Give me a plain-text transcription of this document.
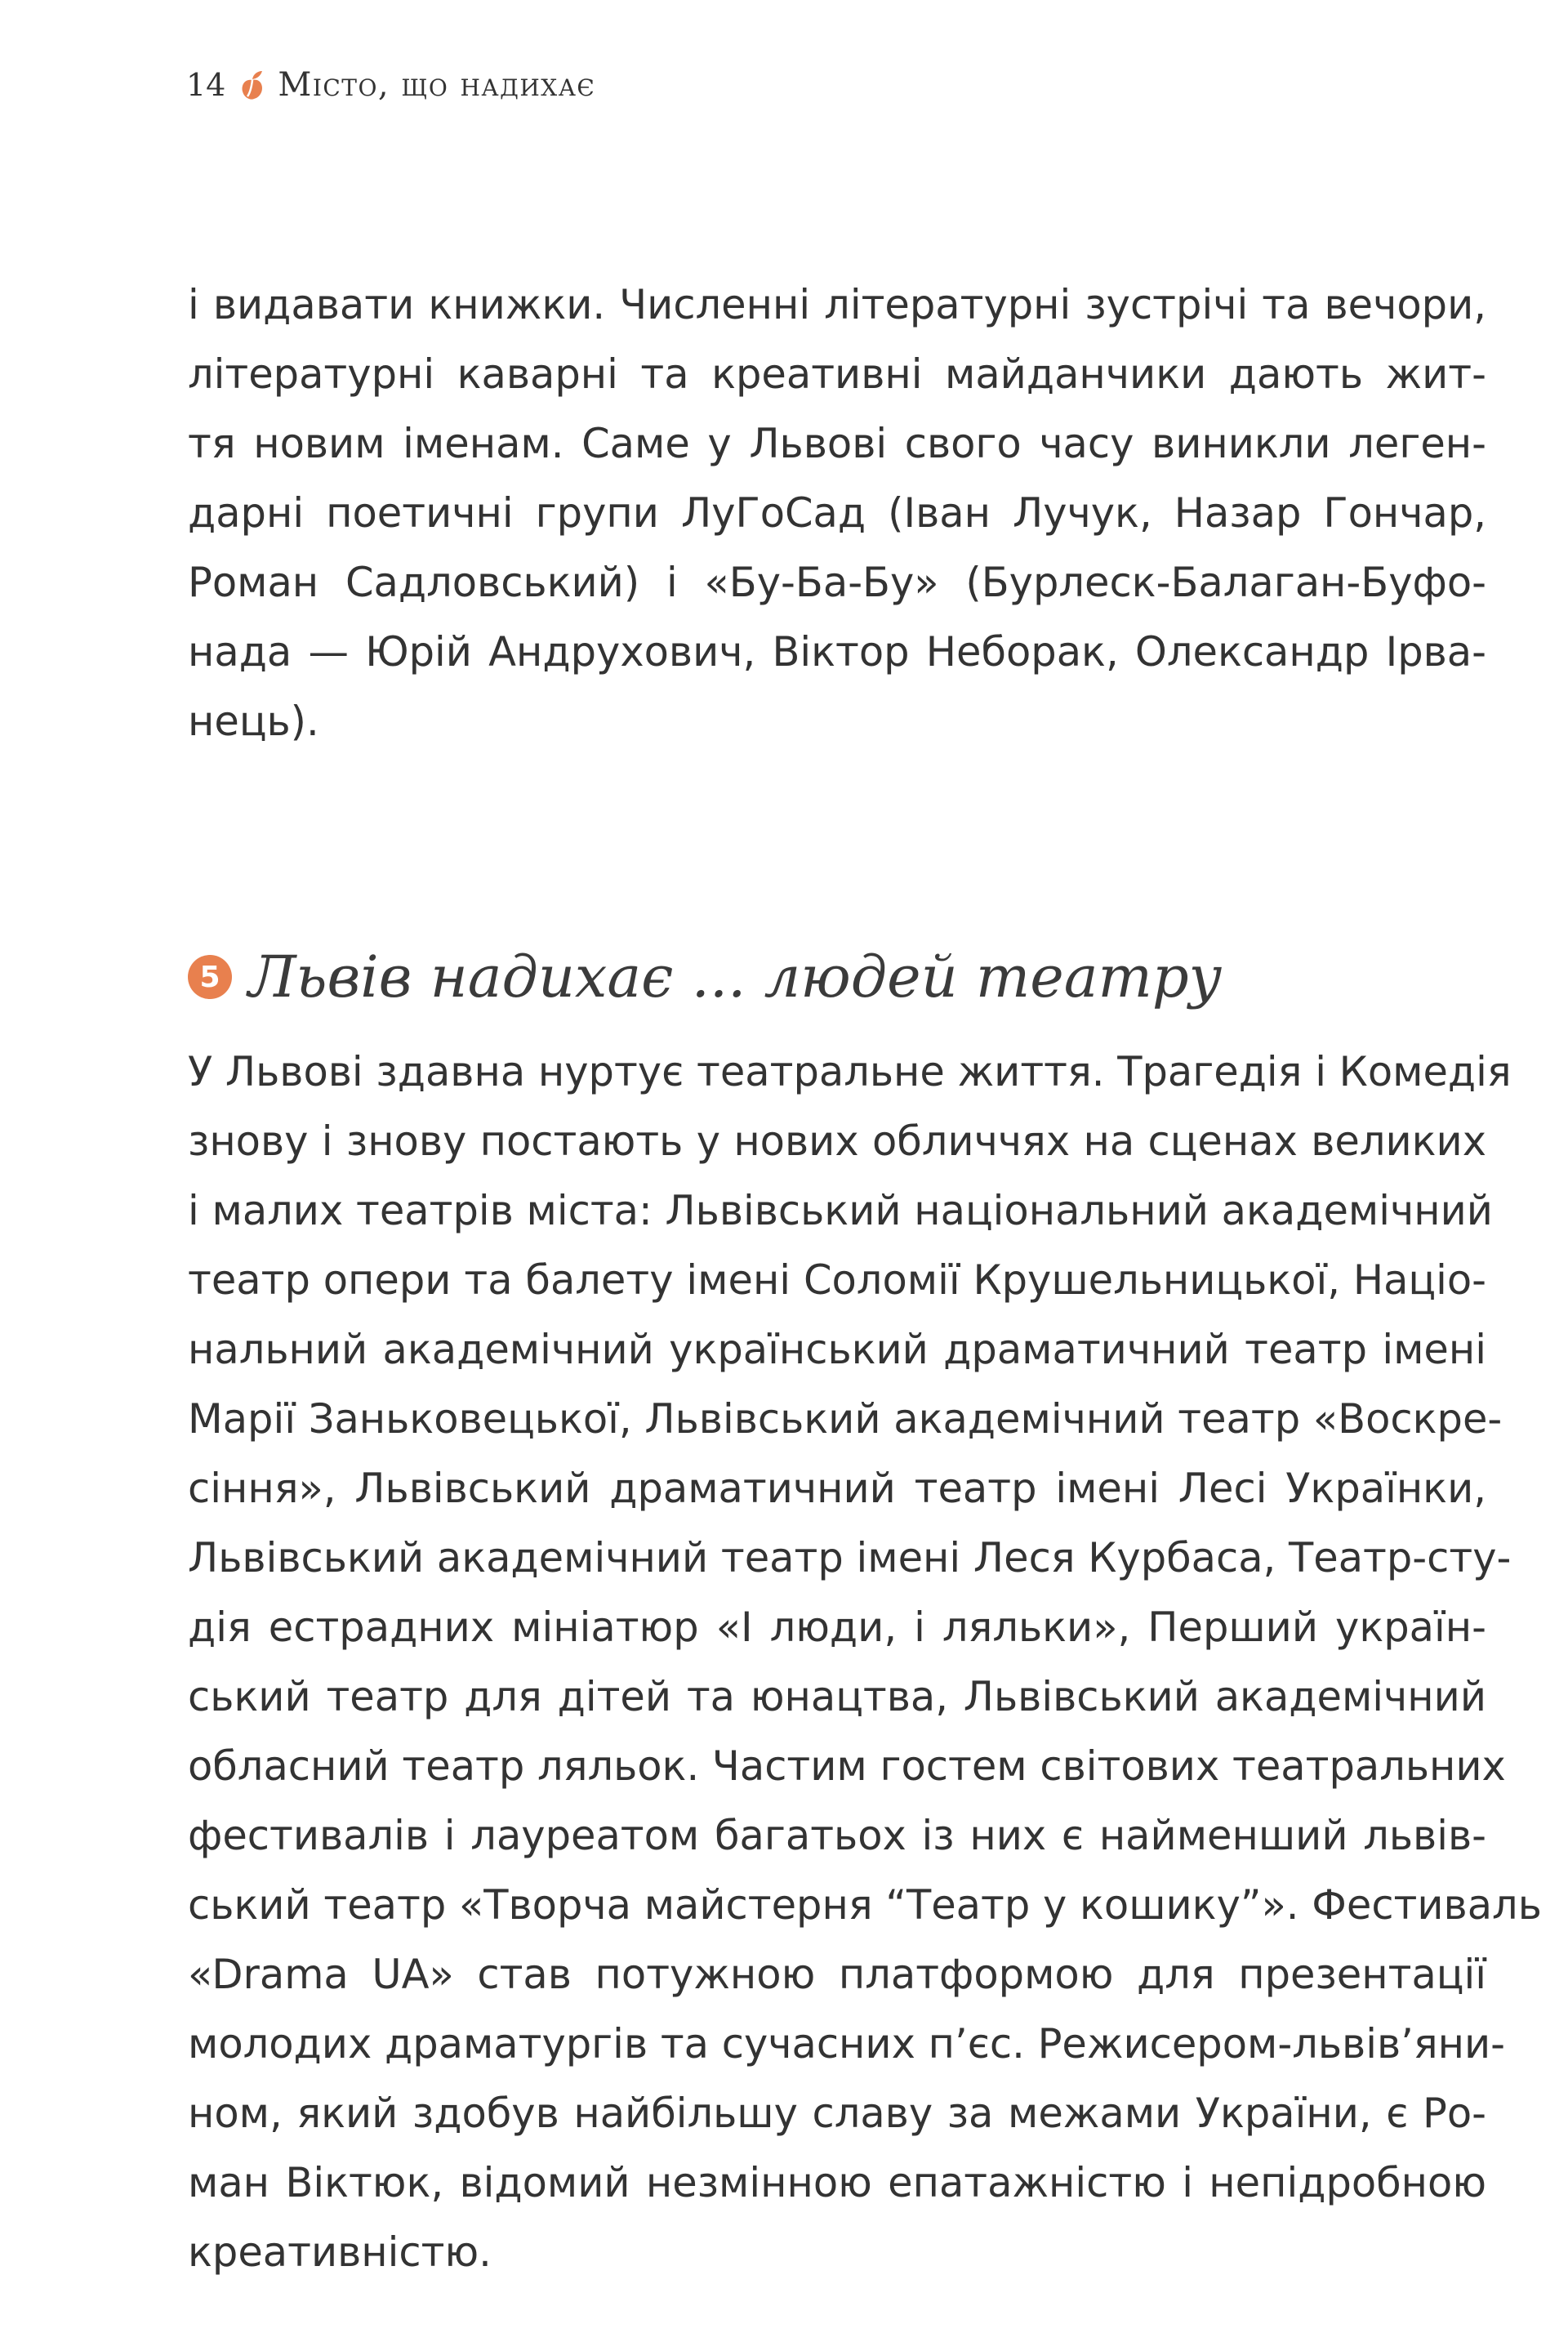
14 Місто, що надихає
і видавати книжки. Численні літературні зустрічі та вечори,
літературні каварні та креативні майданчики дають жит-
тя новим іменам. Саме у Львові свого часу виникли леген-
дарні поетичні групи ЛуГоСад (Іван Лучук, Назар Гончар,
Роман Садловський) і «Бу-Ба-Бу» (Бурлеск-Балаган-Буфо-
нада — Юрій Андрухович, Віктор Неборак, Олександр Ірва-
нець).
5 Львів надихає ... людей театру
У Львові здавна нуртує театральне життя. Трагедія і Комедія
знову і знову постають у нових обличчях на сценах великих
і малих театрів міста: Львівський національний академічний
театр опери та балету імені Соломії Крушельницької, Націо-
нальний академічний український драматичний театр імені
Марії Заньковецької, Львівський академічний театр «Воскре-
сіння», Львівський драматичний театр імені Лесі Українки,
Львівський академічний театр імені Леся Курбаса, Театр-сту-
дія естрадних мініатюр «І люди, і ляльки», Перший україн-
ський театр для дітей та юнацтва, Львівський академічний
обласний театр ляльок. Частим гостем світових театральних
фестивалів і лауреатом багатьох із них є найменший львів-
ський театр «Творча майстерня “Театр у кошику”». Фестиваль
«Drama UA» став потужною платформою для презентації
молодих драматургів та сучасних п’єс. Режисером-львів’яни-
ном, який здобув найбільшу славу за межами України, є Ро-
ман Віктюк, відомий незмінною епатажністю і непідробною
креативністю.
